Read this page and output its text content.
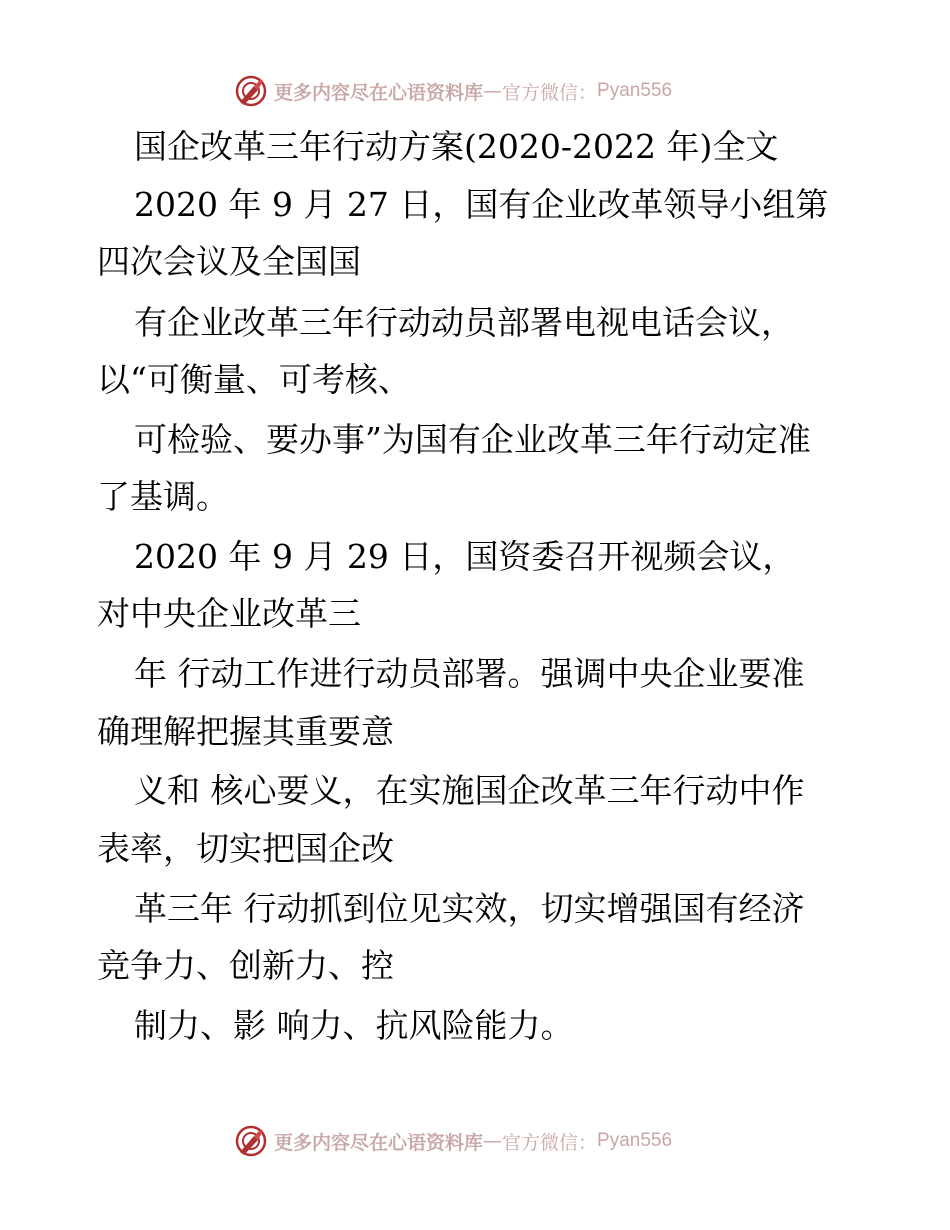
更多内容尽在心语资料库 — 官方微信： Pyan556
国企改革三年行动方案(2020-2022 年)全文

2020 年 9 月 27 日，国有企业改革领导小组第

四次会议及全国国

有企业改革三年行动动员部署电视电话会议，

以“可衡量、可考核、

可检验、要办事”为国有企业改革三年行动定准

了基调。

2020 年 9 月 29 日，国资委召开视频会议，

对中央企业改革三

年 行动工作进行动员部署。强调中央企业要准

确理解把握其重要意

义和 核心要义，在实施国企改革三年行动中作

表率，切实把国企改

革三年 行动抓到位见实效，切实增强国有经济

竞争力、创新力、控

制力、影 响力、抗风险能力。

更多内容尽在心语资料库 — 官方微信： Pyan556
